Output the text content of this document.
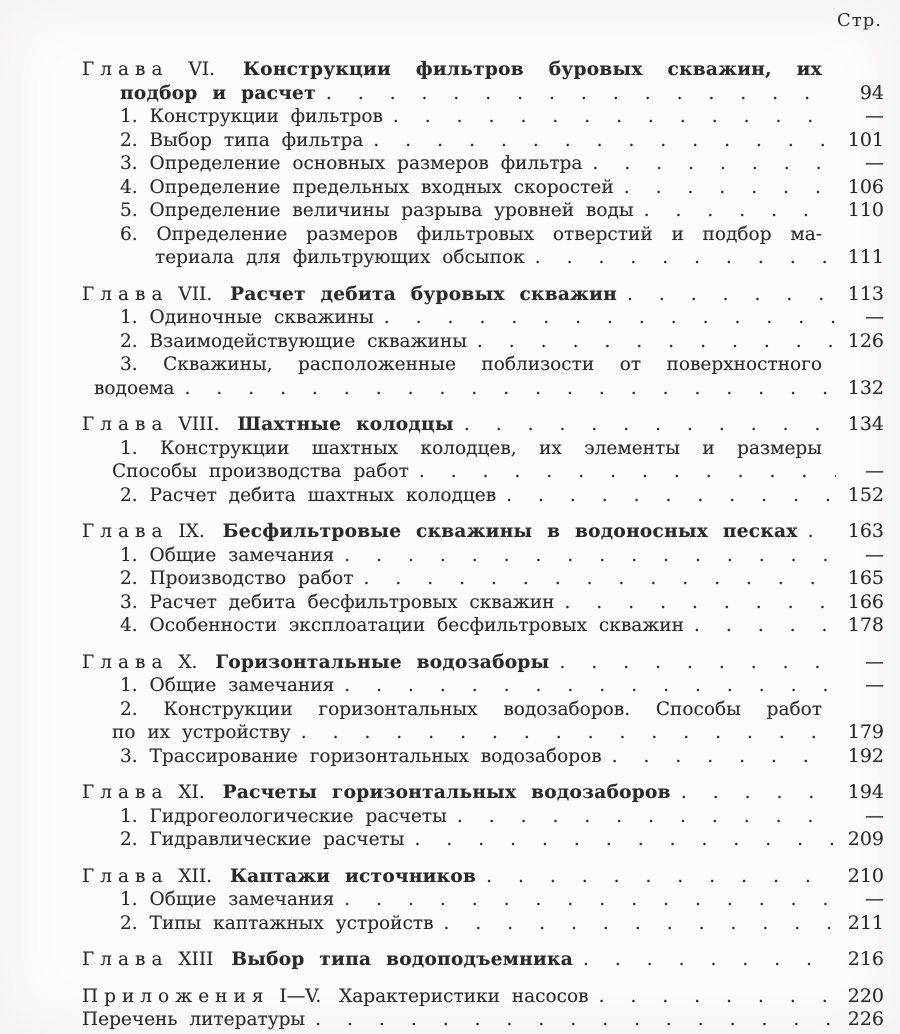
Стр.
Глава VI. Конструкции фильтров буровых скважин, их
подбор и расчет .....	94
1. Конструкции фильтров .....	—
2. Выбор типа фильтра .....	101
3. Определение основных размеров фильтра .....	—
4. Определение предельных входных скоростей .....	106
5. Определение величины разрыва уровней воды .....	110
6. Определение размеров фильтровых отверстий и подбор ма-
териала для фильтрующих обсыпок .....	111
Глава VII. Расчет дебита буровых скважин .....	113
1. Одиночные скважины .....	—
2. Взаимодействующие скважины .....	126
3. Скважины, расположенные поблизости от поверхностного
водоема .....	132
Глава VIII. Шахтные колодцы .....	134
1. Конструкции шахтных колодцев, их элементы и размеры
Способы производства работ .....	—
2. Расчет дебита шахтных колодцев .....	152
Глава IX. Бесфильтровые скважины в водоносных песках .....	163
1. Общие замечания .....	—
2. Производство работ .....	165
3. Расчет дебита бесфильтровых скважин .....	166
4. Особенности эксплоатации бесфильтровых скважин .....	178
Глава X. Горизонтальные водозаборы .....	—
1. Общие замечания .....	—
2. Конструкции горизонтальных водозаборов. Способы работ
по их устройству .....	179
3. Трассирование горизонтальных водозаборов .....	192
Глава XI. Расчеты горизонтальных водозаборов .....	194
1. Гидрогеологические расчеты .....	—
2. Гидравлические расчеты .....	209
Глава XII. Каптажи источников .....	210
1. Общие замечания .....	—
2. Типы каптажных устройств .....	211
Глава XIII Выбор типа водоподъемника .....	216
Приложения I—V. Характеристики насосов .....	220
Перечень литературы .....	226
